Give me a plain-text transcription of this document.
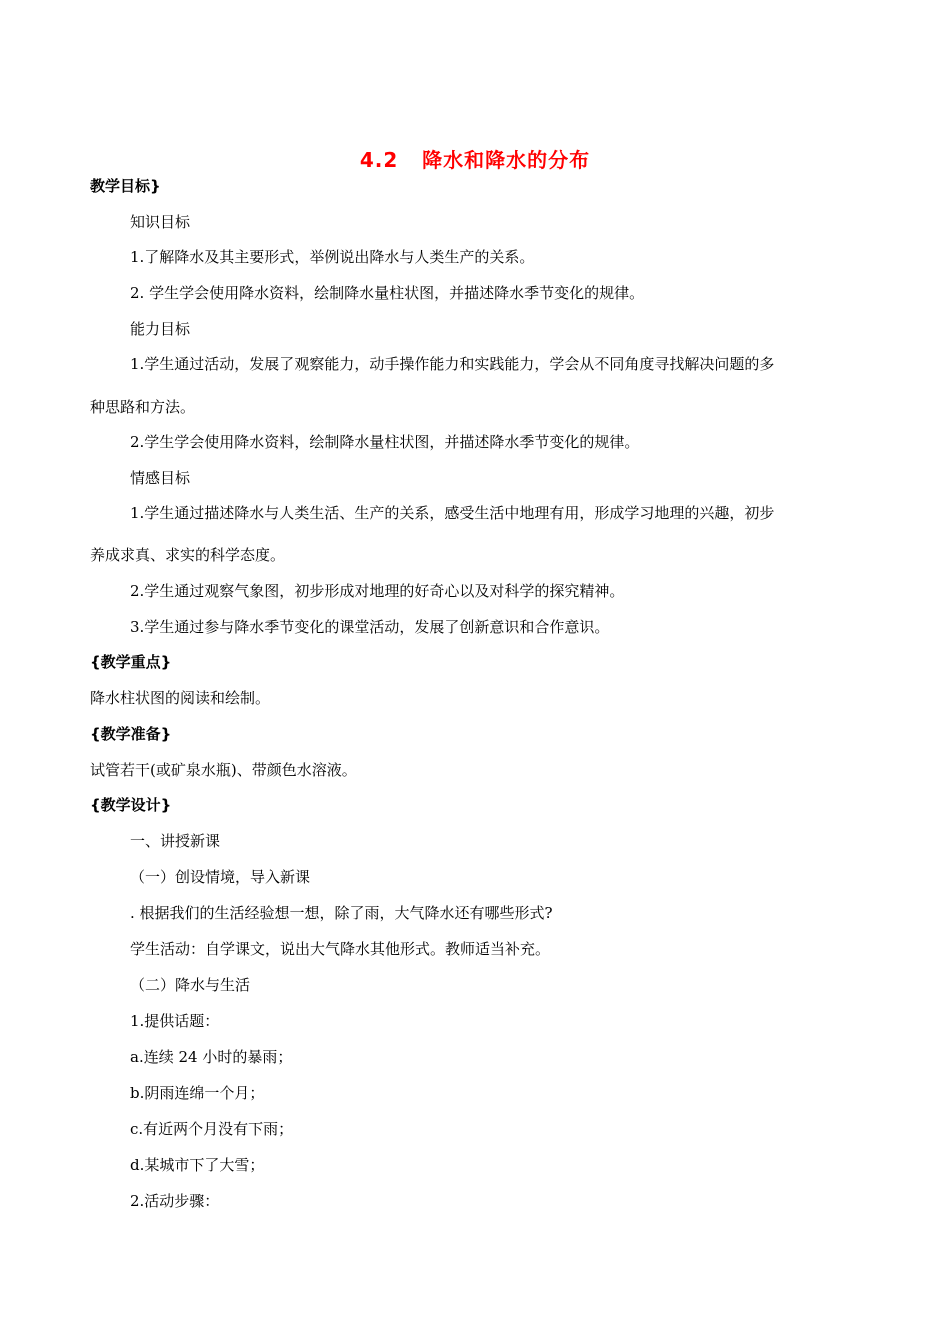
4.2   降水和降水的分布
教学目标}
知识目标
1.了解降水及其主要形式，举例说出降水与人类生产的关系。
2. 学生学会使用降水资料，绘制降水量柱状图，并描述降水季节变化的规律。
能力目标
1.学生通过活动，发展了观察能力，动手操作能力和实践能力，学会从不同角度寻找解决问题的多
种思路和方法。
2.学生学会使用降水资料，绘制降水量柱状图，并描述降水季节变化的规律。
情感目标
1.学生通过描述降水与人类生活、生产的关系，感受生活中地理有用，形成学习地理的兴趣，初步
养成求真、求实的科学态度。
2.学生通过观察气象图，初步形成对地理的好奇心以及对科学的探究精神。
3.学生通过参与降水季节变化的课堂活动，发展了创新意识和合作意识。
{教学重点}
降水柱状图的阅读和绘制。
{教学准备}
试管若干(或矿泉水瓶)、带颜色水溶液。
{教学设计}
一、讲授新课
（一）创设情境，导入新课
. 根据我们的生活经验想一想，除了雨，大气降水还有哪些形式?
学生活动：自学课文，说出大气降水其他形式。教师适当补充。
（二）降水与生活
1.提供话题：
a.连续 24 小时的暴雨；
b.阴雨连绵一个月；
c.有近两个月没有下雨；
d.某城市下了大雪；
2.活动步骤：
